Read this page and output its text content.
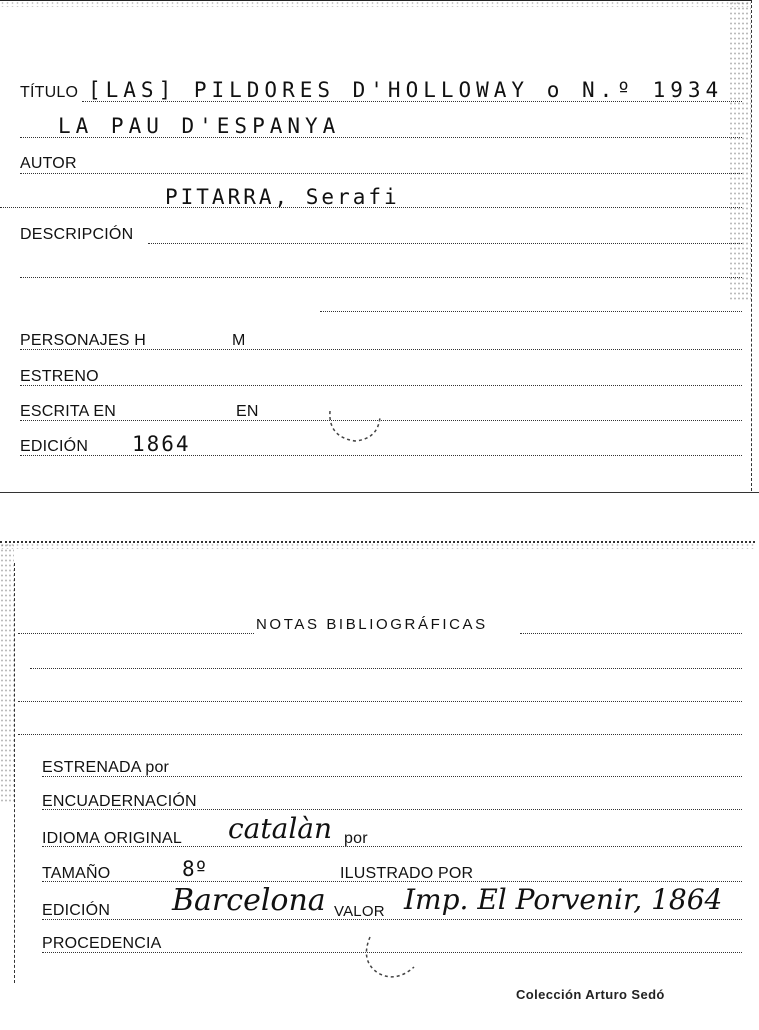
TÍTULO [LAS] PILDORES D'HOLLOWAY o N.º 1934
LA PAU D'ESPANYA
AUTOR
PITARRA, Serafi
DESCRIPCIÓN
PERSONAJES H	M
ESTRENO
ESCRITA EN	EN
EDICIÓN 1864
NOTAS BIBLIOGRÁFICAS
ESTRENADA por
ENCUADERNACIÓN
IDIOMA ORIGINAL catalàn por
TAMAÑO	8º	ILUSTRADO POR
EDICIÓN Barcelona VALOR Imp. El Porvenir, 1864
PROCEDENCIA
Colección Arturo Sedó
